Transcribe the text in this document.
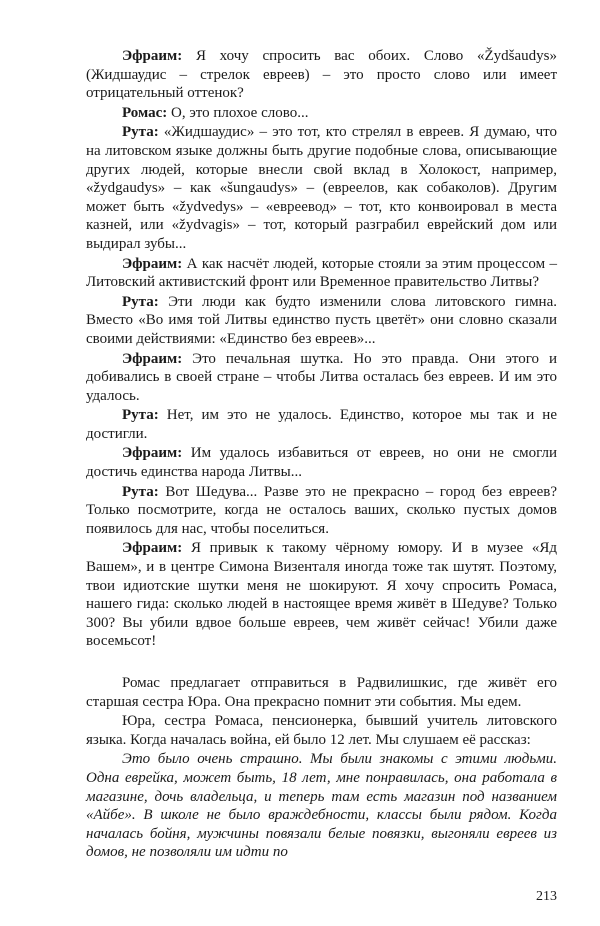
Эфраим: Я хочу спросить вас обоих. Слово «Žydšaudys» (Жидшаудис – стрелок евреев) – это просто слово или имеет отрицательный оттенок?

Ромас: О, это плохое слово...

Рута: «Жидшаудис» – это тот, кто стрелял в евреев. Я думаю, что на литовском языке должны быть другие подобные слова, описывающие других людей, которые внесли свой вклад в Холокост, например, «žydgaudys» – как «šungaudys» – (евреелов, как собаколов). Другим может быть «žydvedys» – «евреевод» – тот, кто конвоировал в места казней, или «žydvagis» – тот, который разграбил еврейский дом или выдирал зубы...

Эфраим: А как насчёт людей, которые стояли за этим процессом – Литовский активистский фронт или Временное правительство Литвы?

Рута: Эти люди как будто изменили слова литовского гимна. Вместо «Во имя той Литвы единство пусть цветёт» они словно сказали своими действиями: «Единство без евреев»...

Эфраим: Это печальная шутка. Но это правда. Они этого и добивались в своей стране – чтобы Литва осталась без евреев. И им это удалось.

Рута: Нет, им это не удалось. Единство, которое мы так и не достигли.

Эфраим: Им удалось избавиться от евреев, но они не смогли достичь единства народа Литвы...

Рута: Вот Шедува... Разве это не прекрасно – город без евреев? Только посмотрите, когда не осталось ваших, сколько пустых домов появилось для нас, чтобы поселиться.

Эфраим: Я привык к такому чёрному юмору. И в музее «Яд Вашем», и в центре Симона Визенталя иногда тоже так шутят. Поэтому, твои идиотские шутки меня не шокируют. Я хочу спросить Ромаса, нашего гида: сколько людей в настоящее время живёт в Шедуве? Только 300? Вы убили вдвое больше евреев, чем живёт сейчас! Убили даже восемьсот!

Ромас предлагает отправиться в Радвилишкис, где живёт его старшая сестра Юра. Она прекрасно помнит эти события. Мы едем.

Юра, сестра Ромаса, пенсионерка, бывший учитель литовского языка. Когда началась война, ей было 12 лет. Мы слушаем её рассказ:

Это было очень страшно. Мы были знакомы с этими людьми. Одна еврейка, может быть, 18 лет, мне понравилась, она работала в магазине, дочь владельца, и теперь там есть магазин под названием «Айбе». В школе не было враждебности, классы были рядом. Когда началась бойня, мужчины повязали белые повязки, выгоняли евреев из домов, не позволяли им идти по

213
